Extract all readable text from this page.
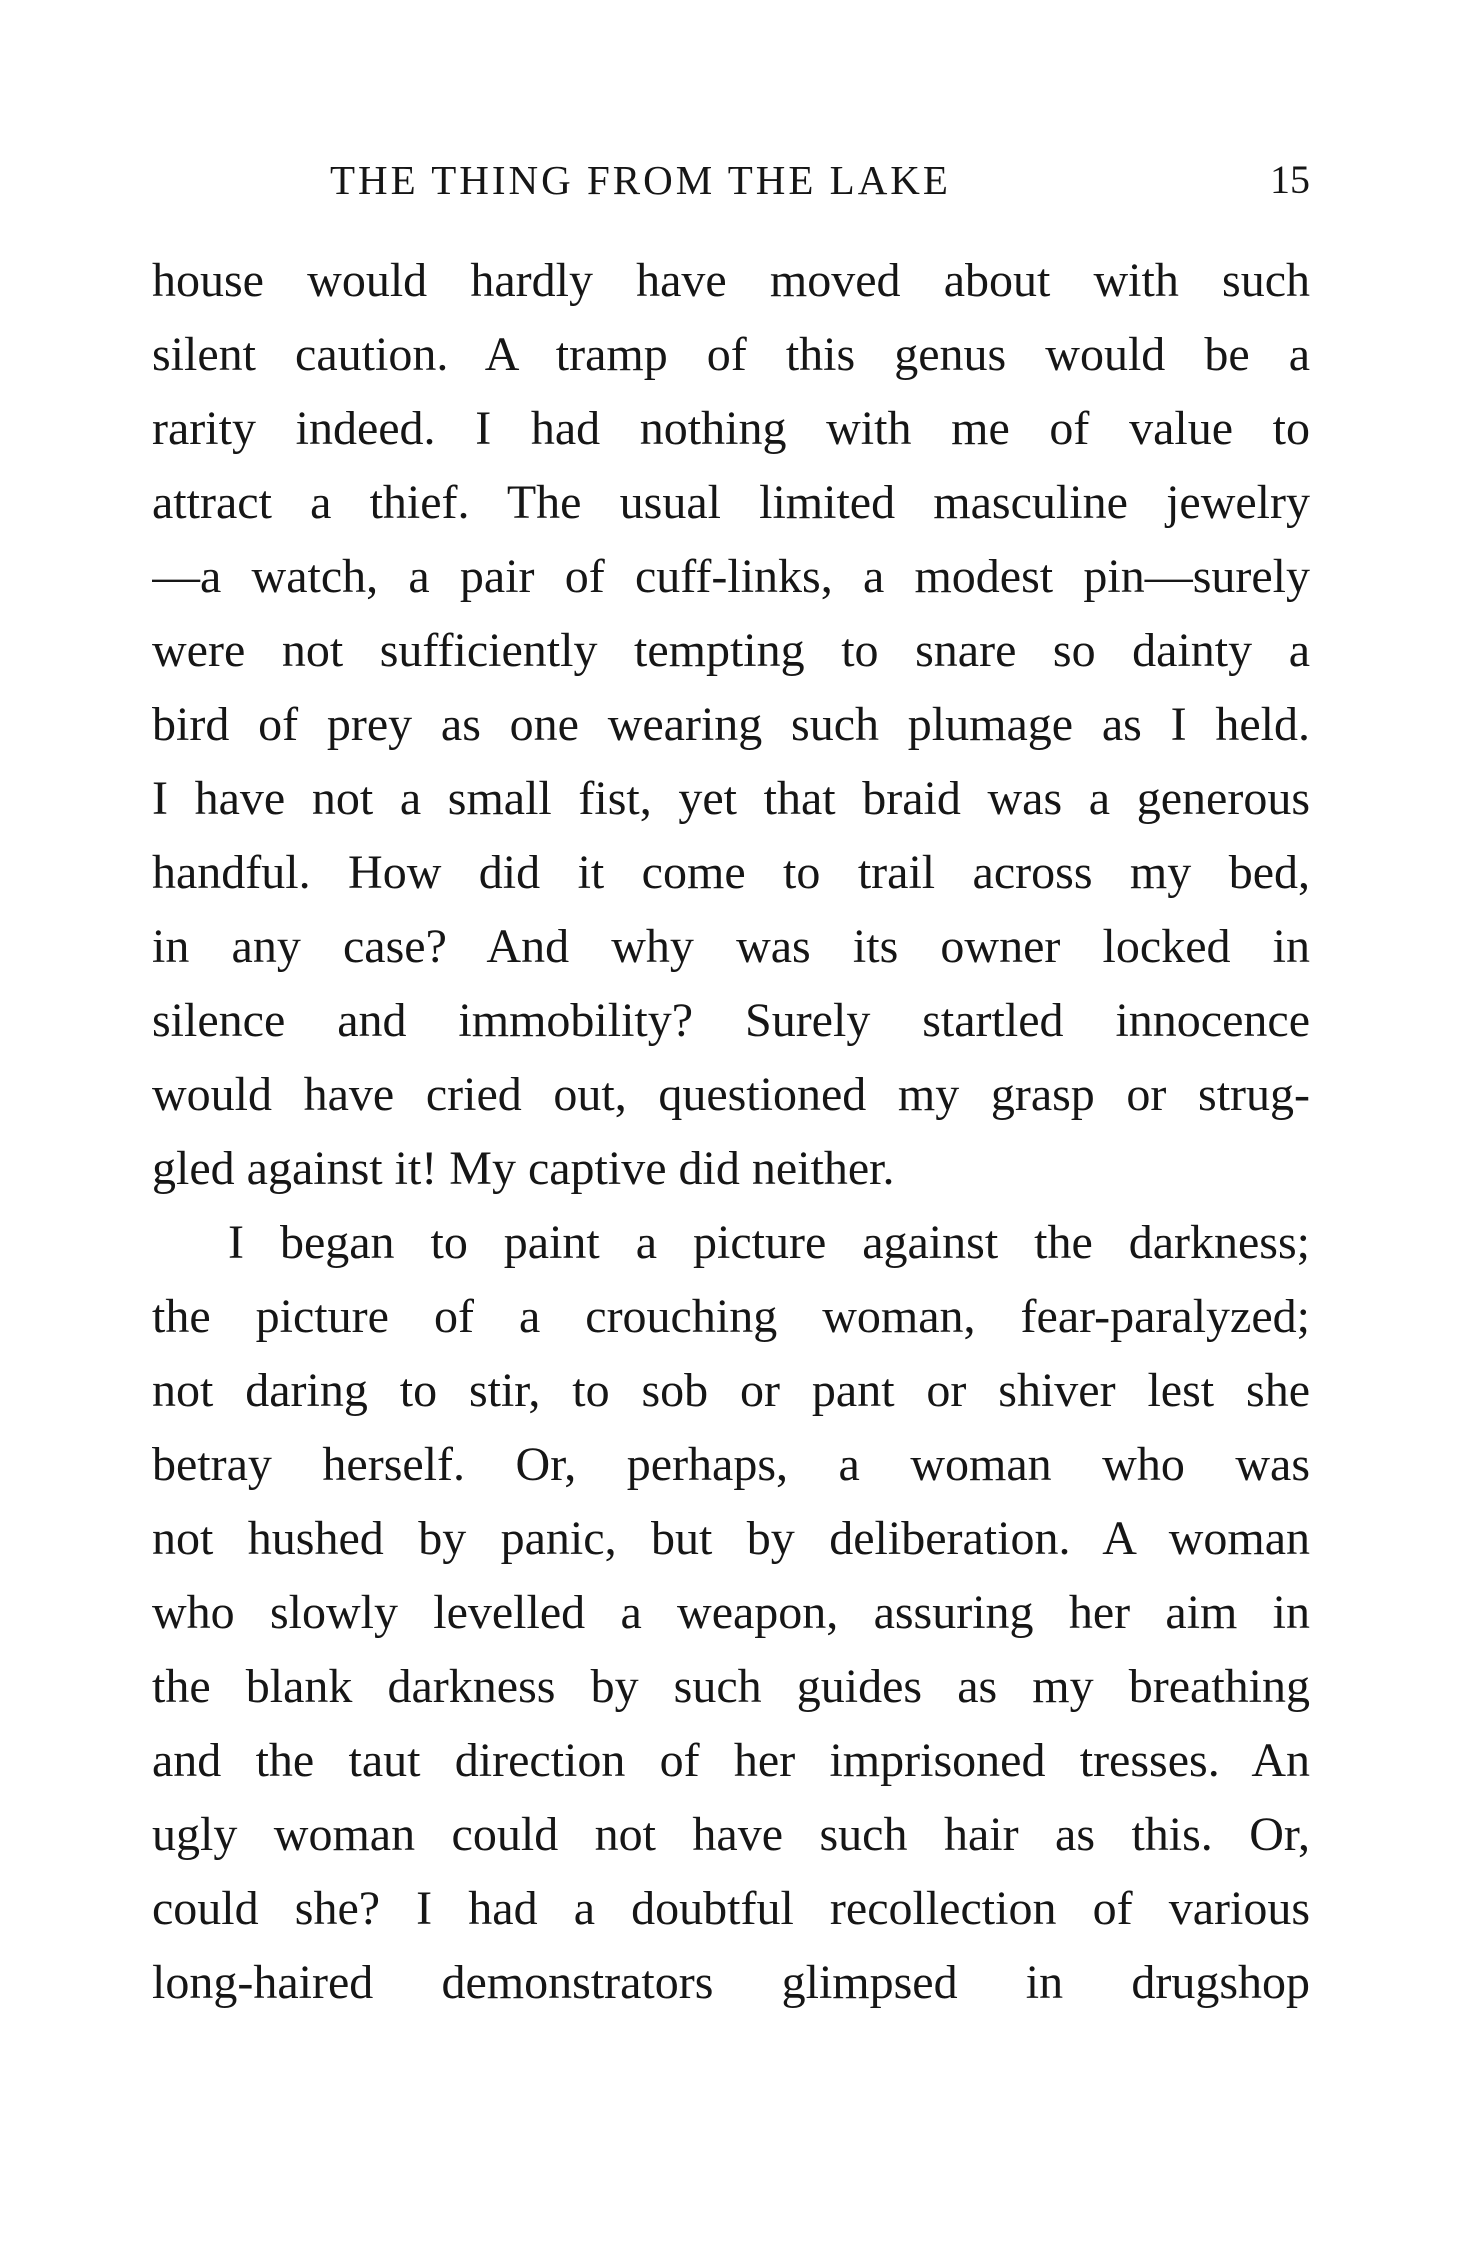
THE THING FROM THE LAKE	15
house would hardly have moved about with such
silent caution. A tramp of this genus would be a
rarity indeed. I had nothing with me of value to
attract a thief. The usual limited masculine jewelry
—a watch, a pair of cuff-links, a modest pin—surely
were not sufficiently tempting to snare so dainty a
bird of prey as one wearing such plumage as I held.
I have not a small fist, yet that braid was a generous
handful. How did it come to trail across my bed,
in any case? And why was its owner locked in
silence and immobility? Surely startled innocence
would have cried out, questioned my grasp or strug-
gled against it! My captive did neither.
I began to paint a picture against the darkness;
the picture of a crouching woman, fear-paralyzed;
not daring to stir, to sob or pant or shiver lest she
betray herself. Or, perhaps, a woman who was
not hushed by panic, but by deliberation. A woman
who slowly levelled a weapon, assuring her aim in
the blank darkness by such guides as my breathing
and the taut direction of her imprisoned tresses. An
ugly woman could not have such hair as this. Or,
could she? I had a doubtful recollection of various
long-haired demonstrators glimpsed in drugshop
